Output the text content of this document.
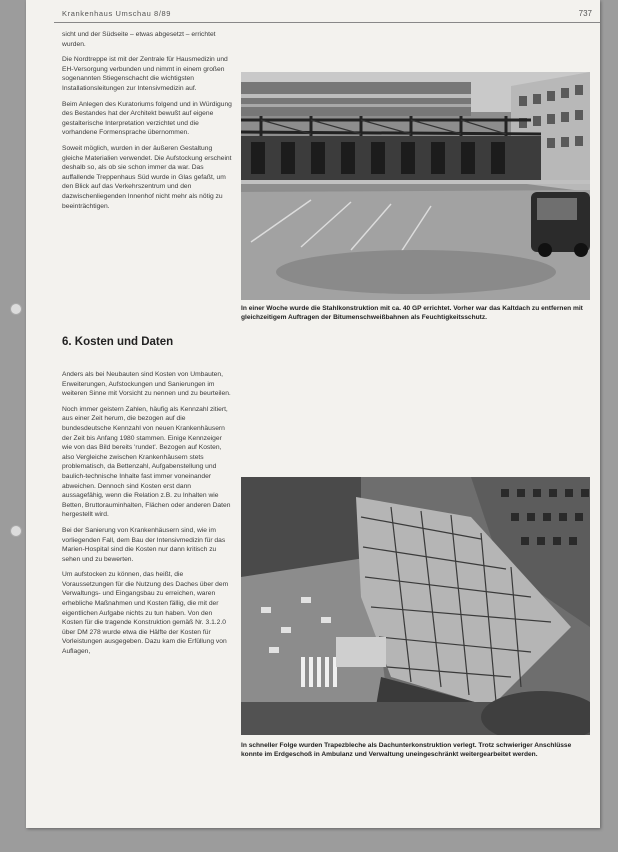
Krankenhaus Umschau 8/89	737

sicht und der Südseite – etwas abgesetzt – errichtet wurden.

Die Nordtreppe ist mit der Zentrale für Hausmedizin und EH-Versorgung verbunden und nimmt in einem großen sogenannten Stiegenschacht die wichtigsten Installationsleitungen zur Intensivmedizin auf.

Beim Anlegen des Kuratoriums folgend und in Würdigung des Bestandes hat der Architekt bewußt auf eigene gestalterische Interpretation verzichtet und die vorhandene Formensprache übernommen.

Soweit möglich, wurden in der äußeren Gestaltung gleiche Materialien verwendet. Die Aufstockung erscheint deshalb so, als ob sie schon immer da war. Das auffallende Treppenhaus Süd wurde in Glas gefaßt, um den Blick auf das Verkehrszentrum und den dazwischenliegenden Innenhof nicht mehr als nötig zu beeinträchtigen.

6. Kosten und Daten

Anders als bei Neubauten sind Kosten von Umbauten, Erweiterungen, Aufstockungen und Sanierungen im weiteren Sinne mit Vorsicht zu nennen und zu beurteilen.

Noch immer geistern Zahlen, häufig als Kennzahl zitiert, aus einer Zeit herum, die bezogen auf die bundesdeutsche Kennzahl von neuen Krankenhäusern der Zeit bis Anfang 1980 stammen. Einige Kennzeiger wie von das Bild bereits 'rundet'. Bezogen auf Kosten, also Vergleiche zwischen Krankenhäusern stets problematisch, da Bettenzahl, Aufgabenstellung und baulich-technische Inhalte fast immer voneinander abweichen. Dennoch sind Kosten erst dann aussagefähig, wenn die Relation z.B. zu Inhalten wie Betten, Bruttorauminhalten, Flächen oder anderen Daten hergestellt wird.

Bei der Sanierung von Krankenhäusern sind, wie im vorliegenden Fall, dem Bau der Intensivmedizin für das Marien-Hospital sind die Kosten nur dann kritisch zu sehen und zu bewerten.

Um aufstocken zu können, das heißt, die Voraussetzungen für die Nutzung des Daches über dem Verwaltungs- und Eingangsbau zu erreichen, waren erhebliche Maßnahmen und Kosten fällig, die mit der eigentlichen Aufgabe nichts zu tun haben. Von den Kosten für die tragende Konstruktion gemäß Nr. 3.1.2.0 über DM 278 wurde etwa die Hälfte der Kosten für Vorleistungen ausgegeben. Dazu kam die Erfüllung von Auflagen,

In einer Woche wurde die Stahlkonstruktion mit ca. 40 GP errichtet. Vorher war das Kaltdach zu entfernen mit gleichzeitigem Auftragen der Bitumenschweißbahnen als Feuchtigkeitsschutz.
In schneller Folge wurden Trapezbleche als Dachunterkonstruktion verlegt. Trotz schwieriger Anschlüsse konnte im Erdgeschoß in Ambulanz und Verwaltung uneingeschränkt weitergearbeitet werden.
